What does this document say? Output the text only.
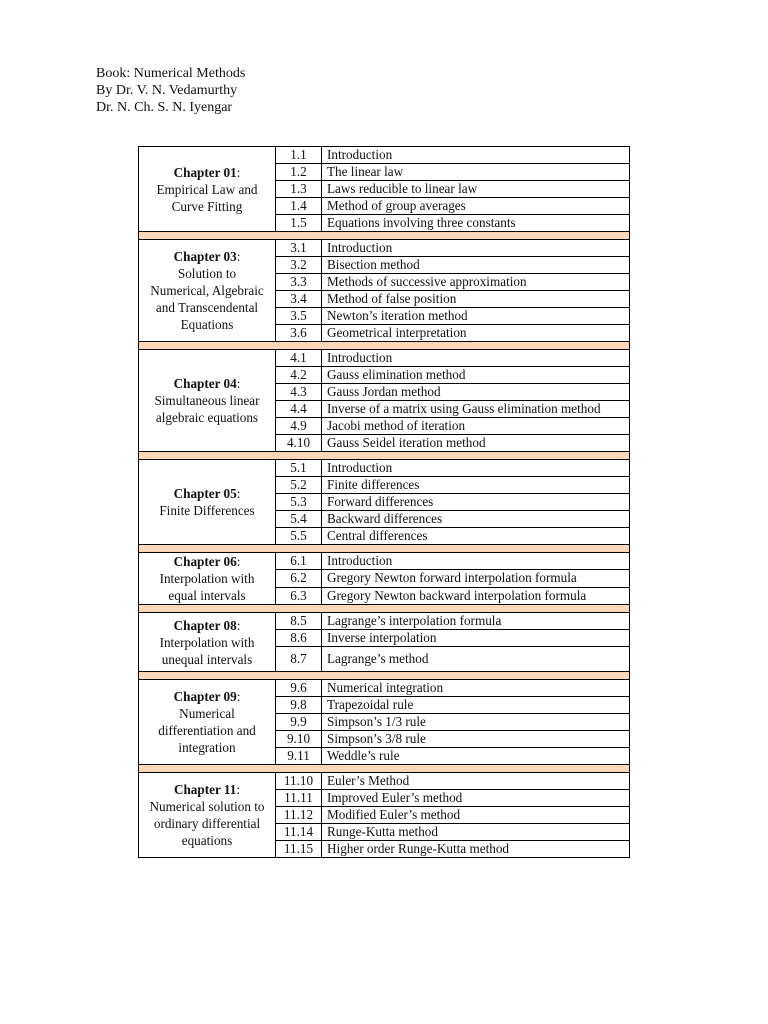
Book: Numerical Methods
By Dr. V. N. Vedamurthy
Dr. N. Ch. S. N. Iyengar
Chapter 01:
Empirical Law and
Curve Fitting	1.1	Introduction
	1.2	The linear law
	1.3	Laws reducible to linear law
	1.4	Method of group averages
	1.5	Equations involving three constants

Chapter 03:
Solution to
Numerical, Algebraic
and Transcendental
Equations	3.1	Introduction
	3.2	Bisection method
	3.3	Methods of successive approximation
	3.4	Method of false position
	3.5	Newton’s iteration method
	3.6	Geometrical interpretation

Chapter 04:
Simultaneous linear
algebraic equations	4.1	Introduction
	4.2	Gauss elimination method
	4.3	Gauss Jordan method
	4.4	Inverse of a matrix using Gauss elimination method
	4.9	Jacobi method of iteration
	4.10	Gauss Seidel iteration method

Chapter 05:
Finite Differences	5.1	Introduction
	5.2	Finite differences
	5.3	Forward differences
	5.4	Backward differences
	5.5	Central differences

Chapter 06:
Interpolation with
equal intervals	6.1	Introduction
	6.2	Gregory Newton forward interpolation formula
	6.3	Gregory Newton backward interpolation formula

Chapter 08:
Interpolation with
unequal intervals	8.5	Lagrange’s interpolation formula
	8.6	Inverse interpolation
	8.7	Lagrange’s method

Chapter 09:
Numerical
differentiation and
integration	9.6	Numerical integration
	9.8	Trapezoidal rule
	9.9	Simpson’s 1/3 rule
	9.10	Simpson’s 3/8 rule
	9.11	Weddle’s rule

Chapter 11:
Numerical solution to
ordinary differential
equations	11.10	Euler’s Method
	11.11	Improved Euler’s method
	11.12	Modified Euler’s method
	11.14	Runge-Kutta method
	11.15	Higher order Runge-Kutta method
